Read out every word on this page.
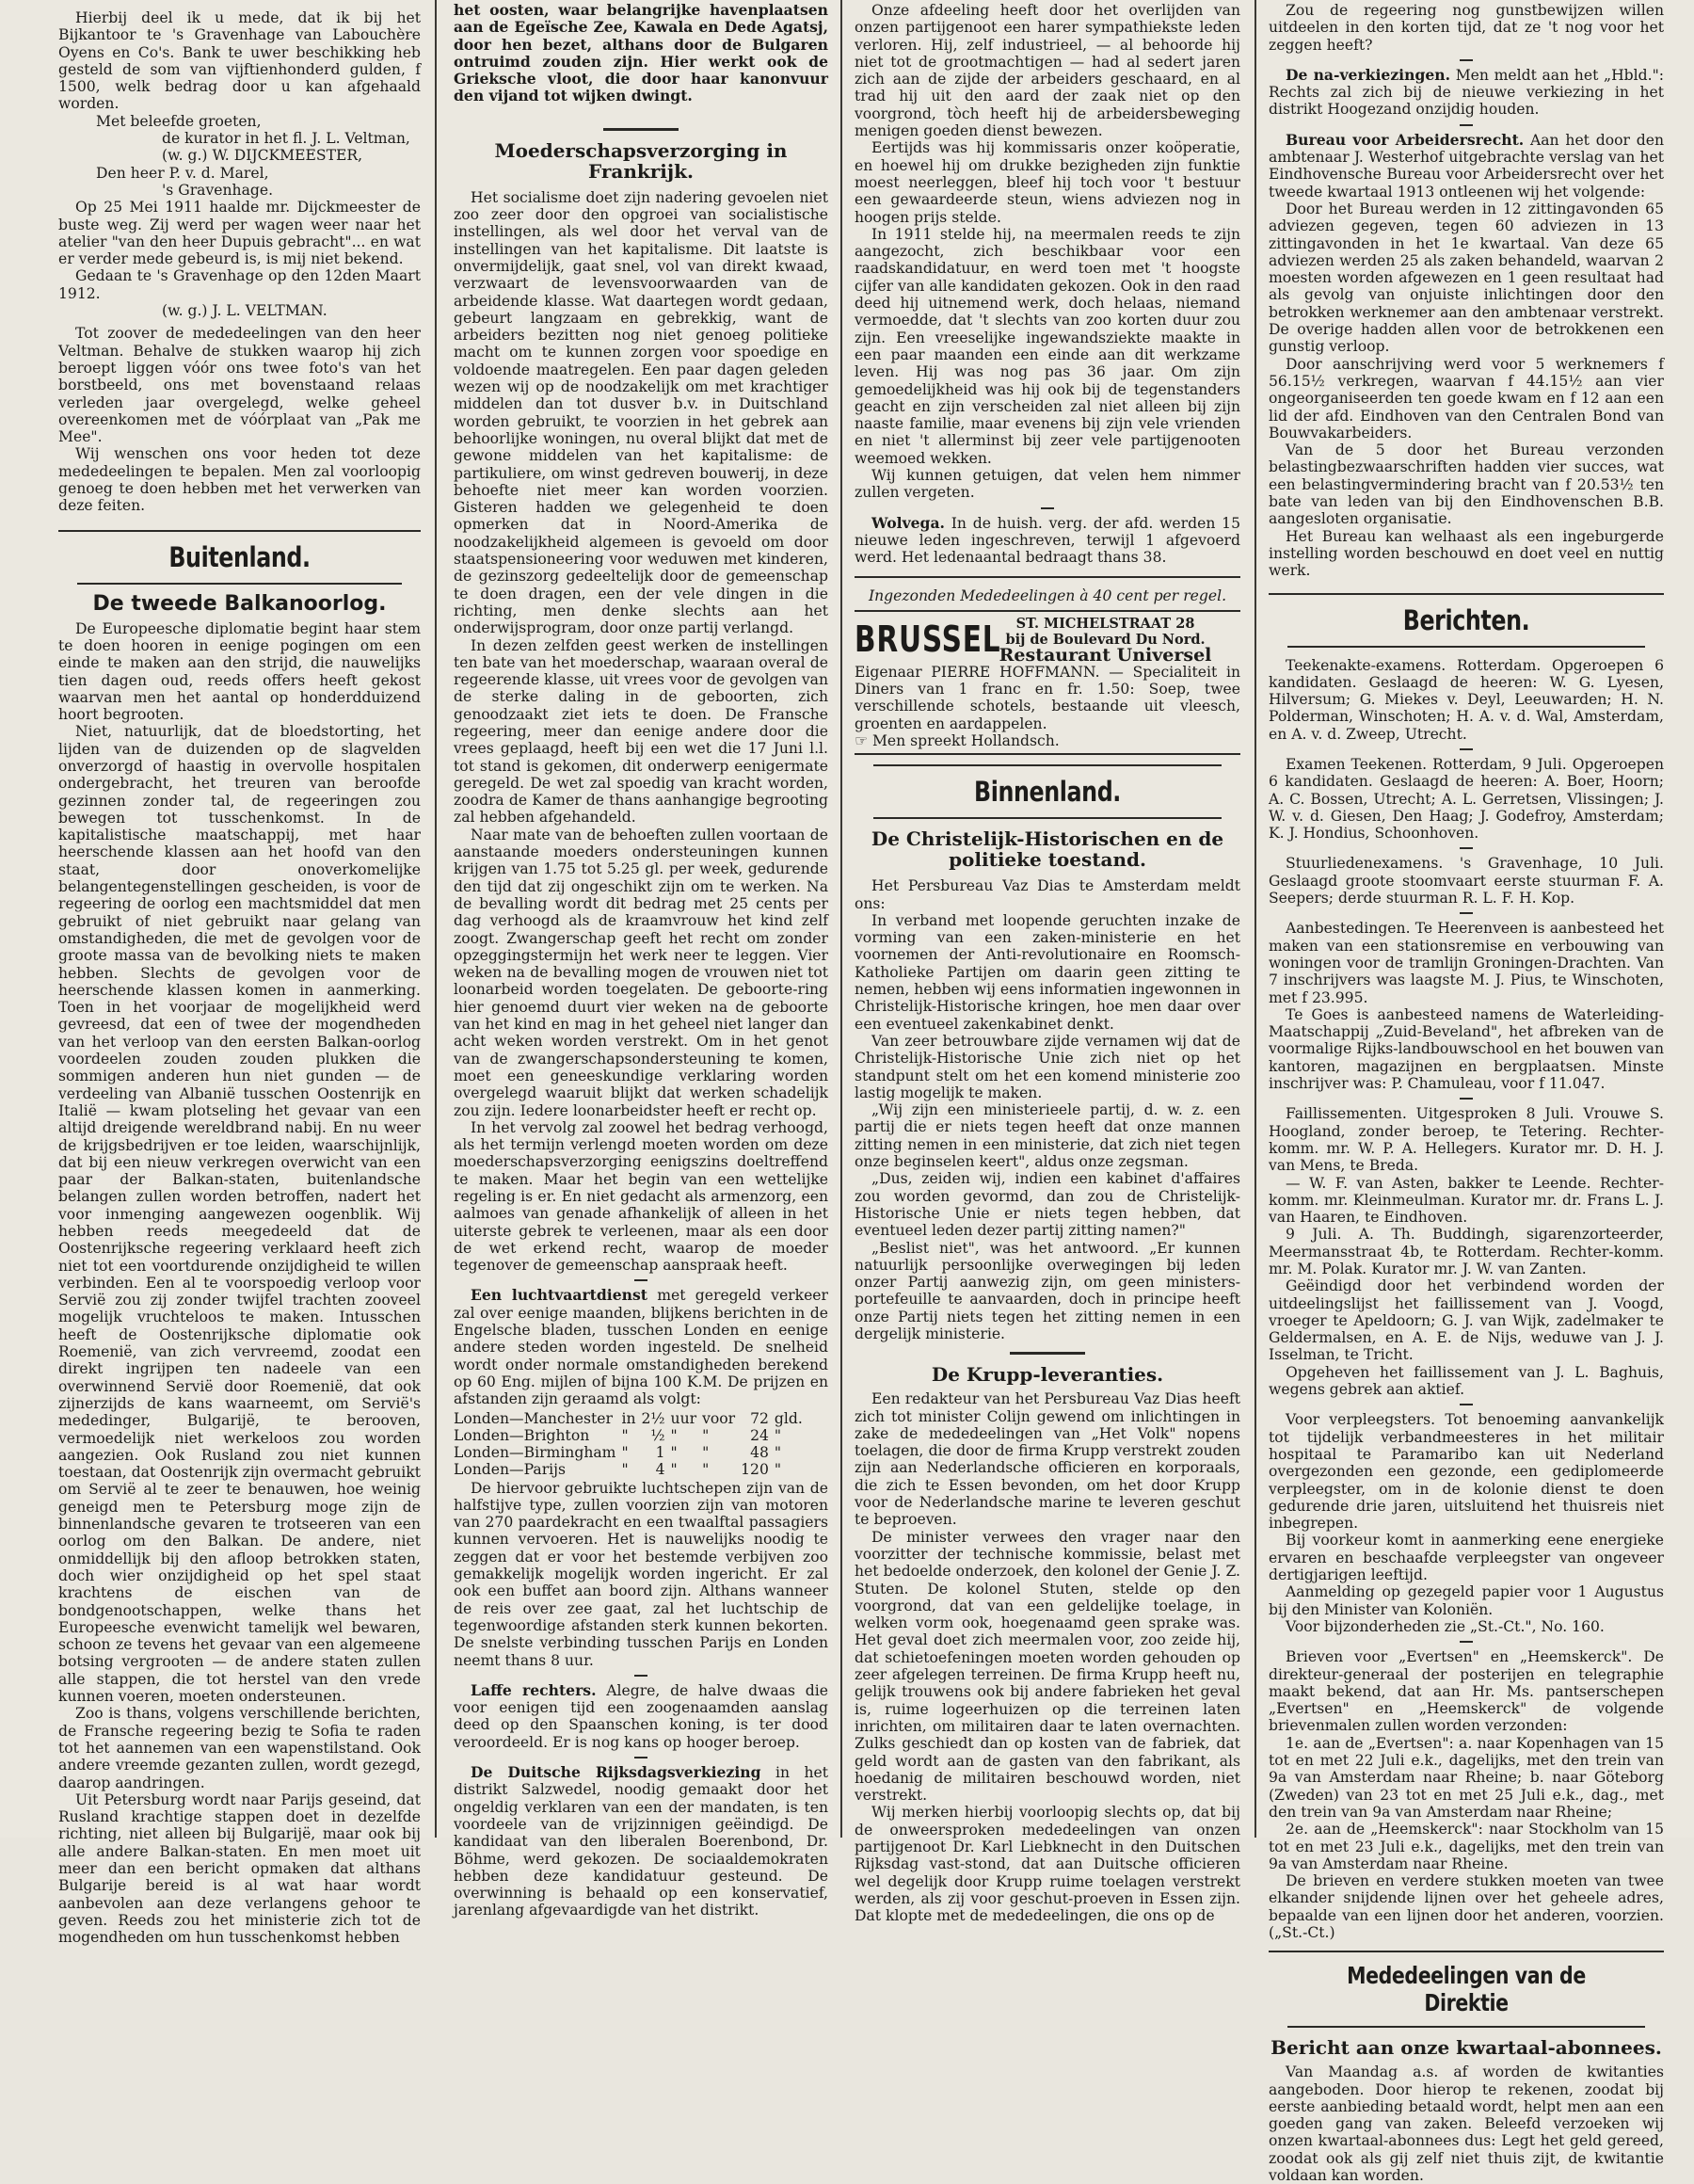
Hierbij deel ik u mede, dat ik bij het Bijkantoor te 's Gravenhage van Labouchère Oyens en Co's. Bank te uwer beschikking heb gesteld de som van vijftienhonderd gulden, f 1500, welk bedrag door u kan afgehaald worden.

Met beleefde groeten,

de kurator in het fl. J. L. Veltman,

(w. g.) W. DIJCKMEESTER,

Den heer P. v. d. Marel,

's Gravenhage.

Op 25 Mei 1911 haalde mr. Dijckmeester de buste weg. Zij werd per wagen weer naar het atelier "van den heer Dupuis gebracht"... en wat er verder mede gebeurd is, is mij niet bekend.

Gedaan te 's Gravenhage op den 12den Maart 1912.

(w. g.) J. L. VELTMAN.

Tot zoover de mededeelingen van den heer Veltman. Behalve de stukken waarop hij zich beroept liggen vóór ons twee foto's van het borstbeeld, ons met bovenstaand relaas verleden jaar overgelegd, welke geheel overeenkomen met de vóórplaat van „Pak me Mee".

Wij wenschen ons voor heden tot deze mededeelingen te bepalen. Men zal voorloopig genoeg te doen hebben met het verwerken van deze feiten.

Buitenland.
De tweede Balkanoorlog.

De Europeesche diplomatie begint haar stem te doen hooren in eenige pogingen om een einde te maken aan den strijd, die nauwelijks tien dagen oud, reeds offers heeft gekost waarvan men het aantal op honderdduizend hoort begrooten.

Niet, natuurlijk, dat de bloedstorting, het lijden van de duizenden op de slagvelden onverzorgd of haastig in overvolle hospitalen ondergebracht, het treuren van beroofde gezinnen zonder tal, de regeeringen zou bewegen tot tusschenkomst. In de kapitalistische maatschappij, met haar heerschende klassen aan het hoofd van den staat, door onoverkomelijke belangentegenstellingen gescheiden, is voor de regeering de oorlog een machtsmiddel dat men gebruikt of niet gebruikt naar gelang van omstandigheden, die met de gevolgen voor de groote massa van de bevolking niets te maken hebben. Slechts de gevolgen voor de heerschende klassen komen in aanmerking. Toen in het voorjaar de mogelijkheid werd gevreesd, dat een of twee der mogendheden van het verloop van den eersten Balkan-oorlog voordeelen zouden zouden plukken die sommigen anderen hun niet gunden — de verdeeling van Albanië tusschen Oostenrijk en Italië — kwam plotseling het gevaar van een altijd dreigende wereldbrand nabij. En nu weer de krijgsbedrijven er toe leiden, waarschijnlijk, dat bij een nieuw verkregen overwicht van een paar der Balkan-staten, buitenlandsche belangen zullen worden betroffen, nadert het voor inmenging aangewezen oogenblik. Wij hebben reeds meegedeeld dat de Oostenrijksche regeering verklaard heeft zich niet tot een voortdurende onzijdigheid te willen verbinden. Een al te voorspoedig verloop voor Serviё zou zij zonder twijfel trachten zooveel mogelijk vruchteloos te maken. Intusschen heeft de Oostenrijksche diplomatie ook Roemeniё, van zich vervreemd, zoodat een direkt ingrijpen ten nadeele van een overwinnend Serviё door Roemeniё, dat ook zijnerzijds de kans waarneemt, om Serviё's mededinger, Bulgarijё, te berooven, vermoedelijk niet werkeloos zou worden aangezien. Ook Rusland zou niet kunnen toestaan, dat Oostenrijk zijn overmacht gebruikt om Serviё al te zeer te benauwen, hoe weinig geneigd men te Petersburg moge zijn de binnenlandsche gevaren te trotseeren van een oorlog om den Balkan. De andere, niet onmiddellijk bij den afloop betrokken staten, doch wier onzijdigheid op het spel staat krachtens de eischen van de bondgenootschappen, welke thans het Europeesche evenwicht tamelijk wel bewaren, schoon ze tevens het gevaar van een algemeene botsing vergrooten — de andere staten zullen alle stappen, die tot herstel van den vrede kunnen voeren, moeten ondersteunen.

Zoo is thans, volgens verschillende berichten, de Fransche regeering bezig te Sofia te raden tot het aannemen van een wapenstilstand. Ook andere vreemde gezanten zullen, wordt gezegd, daarop aandringen.

Uit Petersburg wordt naar Parijs geseind, dat Rusland krachtige stappen doet in dezelfde richting, niet alleen bij Bulgarijё, maar ook bij alle andere Balkan-staten. En men moet uit meer dan een bericht opmaken dat althans Bulgarije bereid is al wat haar wordt aanbevolen aan deze verlangens gehoor te geven. Reeds zou het ministerie zich tot de mogendheden om hun tusschenkomst hebben

het oosten, waar belangrijke havenplaatsen aan de Egeїsche Zee, Kawala en Dede Agatsj, door hen bezet, althans door de Bulgaren ontruimd zouden zijn. Hier werkt ook de Grieksche vloot, die door haar kanonvuur den vijand tot wijken dwingt.

Moederschapsverzorging in Frankrijk.

Het socialisme doet zijn nadering gevoelen niet zoo zeer door den opgroei van socialistische instellingen, als wel door het verval van de instellingen van het kapitalisme. Dit laatste is onvermijdelijk, gaat snel, vol van direkt kwaad, verzwaart de levensvoorwaarden van de arbeidende klasse. Wat daartegen wordt gedaan, gebeurt langzaam en gebrekkig, want de arbeiders bezitten nog niet genoeg politieke macht om te kunnen zorgen voor spoedige en voldoende maatregelen. Een paar dagen geleden wezen wij op de noodzakelijk om met krachtiger middelen dan tot dusver b.v. in Duitschland worden gebruikt, te voorzien in het gebrek aan behoorlijke woningen, nu overal blijkt dat met de gewone middelen van het kapitalisme: de partikuliere, om winst gedreven bouwerij, in deze behoefte niet meer kan worden voorzien. Gisteren hadden we gelegenheid te doen opmerken dat in Noord-Amerika de noodzakelijkheid algemeen is gevoeld om door staatspensioneering voor weduwen met kinderen, de gezinszorg gedeeltelijk door de gemeenschap te doen dragen, een der vele dingen in die richting, men denke slechts aan het onderwijsprogram, door onze partij verlangd.

In dezen zelfden geest werken de instellingen ten bate van het moederschap, waaraan overal de regeerende klasse, uit vrees voor de gevolgen van de sterke daling in de geboorten, zich genoodzaakt ziet iets te doen. De Fransche regeering, meer dan eenige andere door die vrees geplaagd, heeft bij een wet die 17 Juni l.l. tot stand is gekomen, dit onderwerp eenigermate geregeld. De wet zal spoedig van kracht worden, zoodra de Kamer de thans aanhangige begrooting zal hebben afgehandeld.

Naar mate van de behoeften zullen voortaan de aanstaande moeders ondersteuningen kunnen krijgen van 1.75 tot 5.25 gl. per week, gedurende den tijd dat zij ongeschikt zijn om te werken. Na de bevalling wordt dit bedrag met 25 cents per dag verhoogd als de kraamvrouw het kind zelf zoogt. Zwangerschap geeft het recht om zonder opzeggingstermijn het werk neer te leggen. Vier weken na de bevalling mogen de vrouwen niet tot loonarbeid worden toegelaten. De geboorte-ring hier genoemd duurt vier weken na de geboorte van het kind en mag in het geheel niet langer dan acht weken worden verstrekt. Om in het genot van de zwangerschapsondersteuning te komen, moet een geneeskundige verklaring worden overgelegd waaruit blijkt dat werken schadelijk zou zijn. Iedere loonarbeidster heeft er recht op.

In het vervolg zal zoowel het bedrag verhoogd, als het termijn verlengd moeten worden om deze moederschapsverzorging eenigszins doeltreffend te maken. Maar het begin van een wettelijke regeling is er. En niet gedacht als armenzorg, een aalmoes van genade afhankelijk of alleen in het uiterste gebrek te verleenen, maar als een door de wet erkend recht, waarop de moeder tegenover de gemeenschap aanspraak heeft.

Een luchtvaartdienst met geregeld verkeer zal over eenige maanden, blijkens berichten in de Engelsche bladen, tusschen Londen en eenige andere steden worden ingesteld. De snelheid wordt onder normale omstandigheden berekend op 60 Eng. mijlen of bijna 100 K.M. De prijzen en afstanden zijn geraamd als volgt:

Londen—Manchester	in	2½	uur	voor	72	gld.
Londen—Brighton	"	½	"	"	24	"
Londen—Birmingham	"	1	"	"	48	"
Londen—Parijs	"	4	"	"	120	"

De hiervoor gebruikte luchtschepen zijn van de halfstijve type, zullen voorzien zijn van motoren van 270 paardekracht en een twaalftal passagiers kunnen vervoeren. Het is nauwelijks noodig te zeggen dat er voor het bestemde verbijven zoo gemakkelijk mogelijk worden ingericht. Er zal ook een buffet aan boord zijn. Althans wanneer de reis over zee gaat, zal het luchtschip de tegenwoordige afstanden sterk kunnen bekorten. De snelste verbinding tusschen Parijs en Londen neemt thans 8 uur.

Laffe rechters. Alegre, de halve dwaas die voor eenigen tijd een zoogenaamden aanslag deed op den Spaanschen koning, is ter dood veroordeeld. Er is nog kans op hooger beroep.

De Duitsche Rijksdagsverkiezing in het distrikt Salzwedel, noodig gemaakt door het ongeldig verklaren van een der mandaten, is ten voordeele van de vrijzinnigen geëindigd. De kandidaat van den liberalen Boerenbond, Dr. Böhme, werd gekozen. De sociaaldemokraten hebben deze kandidatuur gesteund. De overwinning is behaald op een konservatief, jarenlang afgevaardigde van het distrikt.

Onze afdeeling heeft door het overlijden van onzen partijgenoot een harer sympathiekste leden verloren. Hij, zelf industrieel, — al behoorde hij niet tot de grootmachtigen — had al sedert jaren zich aan de zijde der arbeiders geschaard, en al trad hij uit den aard der zaak niet op den voorgrond, tòch heeft hij de arbeidersbeweging menigen goeden dienst bewezen.

Eertijds was hij kommissaris onzer koöperatie, en hoewel hij om drukke bezigheden zijn funktie moest neerleggen, bleef hij toch voor 't bestuur een gewaardeerde steun, wiens adviezen nog in hoogen prijs stelde.

In 1911 stelde hij, na meermalen reeds te zijn aangezocht, zich beschikbaar voor een raadskandidatuur, en werd toen met 't hoogste cijfer van alle kandidaten gekozen. Ook in den raad deed hij uitnemend werk, doch helaas, niemand vermoedde, dat 't slechts van zoo korten duur zou zijn. Een vreeselijke ingewandsziekte maakte in een paar maanden een einde aan dit werkzame leven. Hij was nog pas 36 jaar. Om zijn gemoedelijkheid was hij ook bij de tegenstanders geacht en zijn verscheiden zal niet alleen bij zijn naaste familie, maar evenens bij zijn vele vrienden en niet 't allerminst bij zeer vele partijgenooten weemoed wekken.

Wij kunnen getuigen, dat velen hem nimmer zullen vergeten.

Wolvega. In de huish. verg. der afd. werden 15 nieuwe leden ingeschreven, terwijl 1 afgevoerd werd. Het ledenaantal bedraagt thans 38.

Ingezonden Mededeelingen à 40 cent per regel.

BRUSSEL	ST. MICHELSTRAAT 28
bij de Boulevard Du Nord.
Restaurant Universel

Eigenaar PIERRE HOFFMANN. — Specialiteit in Diners van 1 franc en fr. 1.50: Soep, twee verschillende schotels, bestaande uit vleesch, groenten en aardappelen.

☞ Men spreekt Hollandsch.

Binnenland.
De Christelijk-Historischen en de politieke toestand.

Het Persbureau Vaz Dias te Amsterdam meldt ons:

In verband met loopende geruchten inzake de vorming van een zaken-ministerie en het voornemen der Anti-revolutionaire en Roomsch-Katholieke Partijen om daarin geen zitting te nemen, hebben wij eens informatien ingewonnen in Christelijk-Historische kringen, hoe men daar over een eventueel zakenkabinet denkt.

Van zeer betrouwbare zijde vernamen wij dat de Christelijk-Historische Unie zich niet op het standpunt stelt om het een komend ministerie zoo lastig mogelijk te maken.

„Wij zijn een ministerieele partij, d. w. z. een partij die er niets tegen heeft dat onze mannen zitting nemen in een ministerie, dat zich niet tegen onze beginselen keert", aldus onze zegsman.

„Dus, zeiden wij, indien een kabinet d'affaires zou worden gevormd, dan zou de Christelijk-Historische Unie er niets tegen hebben, dat eventueel leden dezer partij zitting namen?"

„Beslist niet", was het antwoord. „Er kunnen natuurlijk persoonlijke overwegingen bij leden onzer Partij aanwezig zijn, om geen ministers-portefeuille te aanvaarden, doch in principe heeft onze Partij niets tegen het zitting nemen in een dergelijk ministerie.

De Krupp-leveranties.

Een redakteur van het Persbureau Vaz Dias heeft zich tot minister Colijn gewend om inlichtingen in zake de mededeelingen van „Het Volk" nopens toelagen, die door de firma Krupp verstrekt zouden zijn aan Nederlandsche officieren en korporaals, die zich te Essen bevonden, om het door Krupp voor de Nederlandsche marine te leveren geschut te beproeven.

De minister verwees den vrager naar den voorzitter der technische kommissie, belast met het bedoelde onderzoek, den kolonel der Genie J. Z. Stuten. De kolonel Stuten, stelde op den voorgrond, dat van een geldelijke toelage, in welken vorm ook, hoegenaamd geen sprake was. Het geval doet zich meermalen voor, zoo zeide hij, dat schietoefeningen moeten worden gehouden op zeer afgelegen terreinen. De firma Krupp heeft nu, gelijk trouwens ook bij andere fabrieken het geval is, ruime logeerhuizen op die terreinen laten inrichten, om militairen daar te laten overnachten. Zulks geschiedt dan op kosten van de fabriek, dat geld wordt aan de gasten van den fabrikant, als hoedanig de militairen beschouwd worden, niet verstrekt.

Wij merken hierbij voorloopig slechts op, dat bij de onweersproken mededeelingen van onzen partijgenoot Dr. Karl Liebknecht in den Duitschen Rijksdag vast-stond, dat aan Duitsche officieren wel degelijk door Krupp ruime toelagen verstrekt werden, als zij voor geschut-proeven in Essen zijn. Dat klopte met de mededeelingen, die ons op de

Zou de regeering nog gunstbewijzen willen uitdeelen in den korten tijd, dat ze 't nog voor het zeggen heeft?

De na-verkiezingen. Men meldt aan het „Hbld.": Rechts zal zich bij de nieuwe verkiezing in het distrikt Hoogezand onzijdig houden.

Bureau voor Arbeidersrecht. Aan het door den ambtenaar J. Westerhof uitgebrachte verslag van het Eindhovensche Bureau voor Arbeidersrecht over het tweede kwartaal 1913 ontleenen wij het volgende:

Door het Bureau werden in 12 zittingavonden 65 adviezen gegeven, tegen 60 adviezen in 13 zittingavonden in het 1e kwartaal. Van deze 65 adviezen werden 25 als zaken behandeld, waarvan 2 moesten worden afgewezen en 1 geen resultaat had als gevolg van onjuiste inlichtingen door den betrokken werknemer aan den ambtenaar verstrekt. De overige hadden allen voor de betrokkenen een gunstig verloop.

Door aanschrijving werd voor 5 werknemers f 56.15½ verkregen, waarvan f 44.15½ aan vier ongeorganiseerden ten goede kwam en f 12 aan een lid der afd. Eindhoven van den Centralen Bond van Bouwvakarbeiders.

Van de 5 door het Bureau verzonden belastingbezwaarschriften hadden vier succes, wat een belastingvermindering bracht van f 20.53½ ten bate van leden van bij den Eindhovenschen B.B. aangesloten organisatie.

Het Bureau kan welhaast als een ingeburgerde instelling worden beschouwd en doet veel en nuttig werk.

Berichten.

Teekenakte-examens. Rotterdam. Opgeroepen 6 kandidaten. Geslaagd de heeren: W. G. Lyesen, Hilversum; G. Miekes v. Deyl, Leeuwarden; H. N. Polderman, Winschoten; H. A. v. d. Wal, Amsterdam, en A. v. d. Zweep, Utrecht.

Examen Teekenen. Rotterdam, 9 Juli. Opgeroepen 6 kandidaten. Geslaagd de heeren: A. Boer, Hoorn; A. C. Bossen, Utrecht; A. L. Gerretsen, Vlissingen; J. W. v. d. Giesen, Den Haag; J. Godefroy, Amsterdam; K. J. Hondius, Schoonhoven.

Stuurliedenexamens. 's Gravenhage, 10 Juli. Geslaagd groote stoomvaart eerste stuurman F. A. Seepers; derde stuurman R. L. F. H. Kop.

Aanbestedingen. Te Heerenveen is aanbesteed het maken van een stationsremise en verbouwing van woningen voor de tramlijn Groningen-Drachten. Van 7 inschrijvers was laagste M. J. Pius, te Winschoten, met f 23.995.

Te Goes is aanbesteed namens de Waterleiding-Maatschappij „Zuid-Beveland", het afbreken van de voormalige Rijks-landbouwschool en het bouwen van kantoren, magazijnen en bergplaatsen. Minste inschrijver was: P. Chamuleau, voor f 11.047.

Faillissementen. Uitgesproken 8 Juli. Vrouwe S. Hoogland, zonder beroep, te Tetering. Rechter-komm. mr. W. P. A. Hellegers. Kurator mr. D. H. J. van Mens, te Breda.

— W. F. van Asten, bakker te Leende. Rechter-komm. mr. Kleinmeulman. Kurator mr. dr. Frans L. J. van Haaren, te Eindhoven.

9 Juli. A. Th. Buddingh, sigarenzorteerder, Meermansstraat 4b, te Rotterdam. Rechter-komm. mr. M. Polak. Kurator mr. J. W. van Zanten.

Geëindigd door het verbindend worden der uitdeelingslijst het faillissement van J. Voogd, vroeger te Apeldoorn; G. J. van Wijk, zadelmaker te Geldermalsen, en A. E. de Nijs, weduwe van J. J. Isselman, te Tricht.

Opgeheven het faillissement van J. L. Baghuis, wegens gebrek aan aktief.

Voor verpleegsters. Tot benoeming aanvankelijk tot tijdelijk verbandmeesteres in het militair hospitaal te Paramaribo kan uit Nederland overgezonden een gezonde, een gediplomeerde verpleegster, om in de kolonie dienst te doen gedurende drie jaren, uitsluitend het thuisreis niet inbegrepen.

Bij voorkeur komt in aanmerking eene energieke ervaren en beschaafde verpleegster van ongeveer dertigjarigen leeftijd.

Aanmelding op gezegeld papier voor 1 Augustus bij den Minister van Koloniën.

Voor bijzonderheden zie „St.-Ct.", No. 160.

Brieven voor „Evertsen" en „Heemskerck". De direkteur-generaal der posterijen en telegraphie maakt bekend, dat aan Hr. Ms. pantserschepen „Evertsen" en „Heemskerck" de volgende brievenmalen zullen worden verzonden:

1e. aan de „Evertsen": a. naar Kopenhagen van 15 tot en met 22 Juli e.k., dagelijks, met den trein van 9a van Amsterdam naar Rheine; b. naar Göteborg (Zweden) van 23 tot en met 25 Juli e.k., dag., met den trein van 9a van Amsterdam naar Rheine;

2e. aan de „Heemskerck": naar Stockholm van 15 tot en met 23 Juli e.k., dagelijks, met den trein van 9a van Amsterdam naar Rheine.

De brieven en verdere stukken moeten van twee elkander snijdende lijnen over het geheele adres, bepaalde van een lijnen door het anderen, voorzien. („St.-Ct.)

Mededeelingen van de Direktie
Bericht aan onze kwartaal-abonnees.

Van Maandag a.s. af worden de kwitanties aangeboden. Door hierop te rekenen, zoodat bij eerste aanbieding betaald wordt, helpt men aan een goeden gang van zaken. Beleefd verzoeken wij onzen kwartaal-abonnees dus: Legt het geld gereed, zoodat ook als gij zelf niet thuis zijt, de kwitantie voldaan kan worden.
